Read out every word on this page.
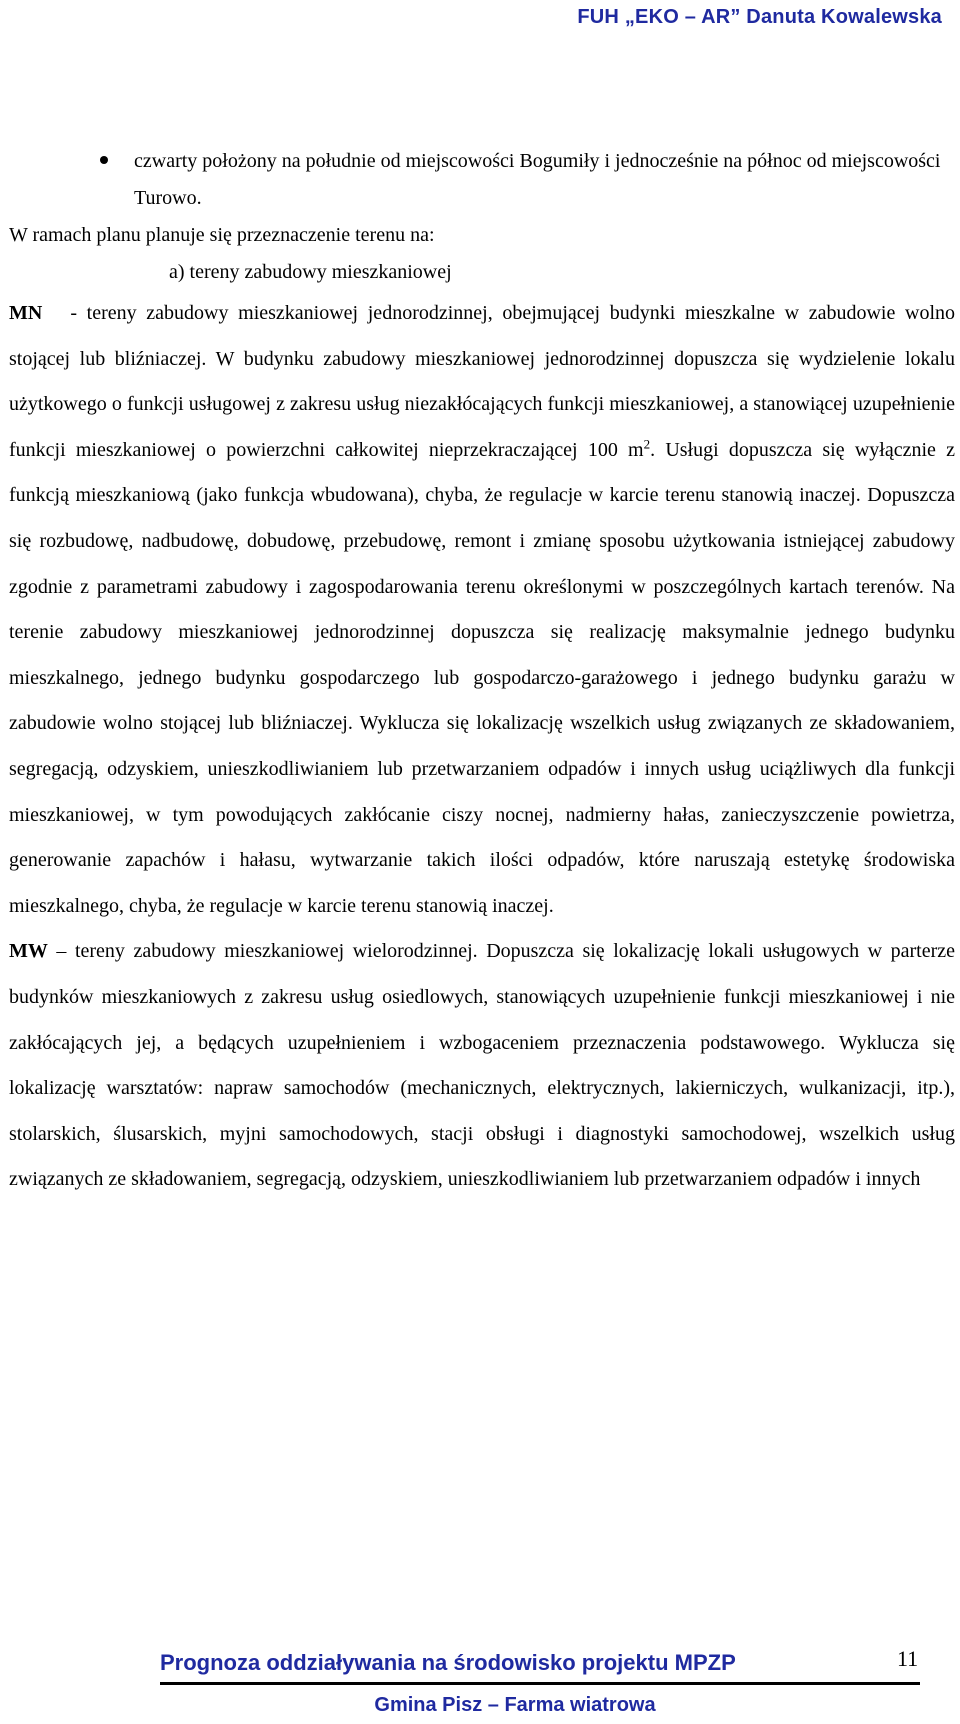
FUH „EKO – AR” Danuta Kowalewska
czwarty położony na południe od miejscowości Bogumiły i jednocześnie na północ od miejscowości Turowo.
W ramach planu planuje się przeznaczenie terenu na:
a) tereny zabudowy mieszkaniowej

MN - tereny zabudowy mieszkaniowej jednorodzinnej, obejmującej budynki mieszkalne w zabudowie wolno stojącej lub bliźniaczej. W budynku zabudowy mieszkaniowej jednorodzinnej dopuszcza się wydzielenie lokalu użytkowego o funkcji usługowej z zakresu usług niezakłócających funkcji mieszkaniowej, a stanowiącej uzupełnienie funkcji mieszkaniowej o powierzchni całkowitej nieprzekraczającej 100 $m^2$. Usługi dopuszcza się wyłącznie z funkcją mieszkaniową (jako funkcja wbudowana), chyba, że regulacje w karcie terenu stanowią inaczej. Dopuszcza się rozbudowę, nadbudowę, dobudowę, przebudowę, remont i zmianę sposobu użytkowania istniejącej zabudowy zgodnie z parametrami zabudowy i zagospodarowania terenu określonymi w poszczególnych kartach terenów. Na terenie zabudowy mieszkaniowej jednorodzinnej dopuszcza się realizację maksymalnie jednego budynku mieszkalnego, jednego budynku gospodarczego lub gospodarczo-garażowego i jednego budynku garażu w zabudowie wolno stojącej lub bliźniaczej. Wyklucza się lokalizację wszelkich usług związanych ze składowaniem, segregacją, odzyskiem, unieszkodliwianiem lub przetwarzaniem odpadów i innych usług uciążliwych dla funkcji mieszkaniowej, w tym powodujących zakłócanie ciszy nocnej, nadmierny hałas, zanieczyszczenie powietrza, generowanie zapachów i hałasu, wytwarzanie takich ilości odpadów, które naruszają estetykę środowiska mieszkalnego, chyba, że regulacje w karcie terenu stanowią inaczej.

MW – tereny zabudowy mieszkaniowej wielorodzinnej. Dopuszcza się lokalizację lokali usługowych w parterze budynków mieszkaniowych z zakresu usług osiedlowych, stanowiących uzupełnienie funkcji mieszkaniowej i nie zakłócających jej, a będących uzupełnieniem i wzbogaceniem przeznaczenia podstawowego. Wyklucza się lokalizację warsztatów: napraw samochodów (mechanicznych, elektrycznych, lakierniczych, wulkanizacji, itp.), stolarskich, ślusarskich, myjni samochodowych, stacji obsługi i diagnostyki samochodowej, wszelkich usług związanych ze składowaniem, segregacją, odzyskiem, unieszkodliwianiem lub przetwarzaniem odpadów i innych

Prognoza oddziaływania na środowisko projektu MPZP	11
Gmina Pisz – Farma wiatrowa
